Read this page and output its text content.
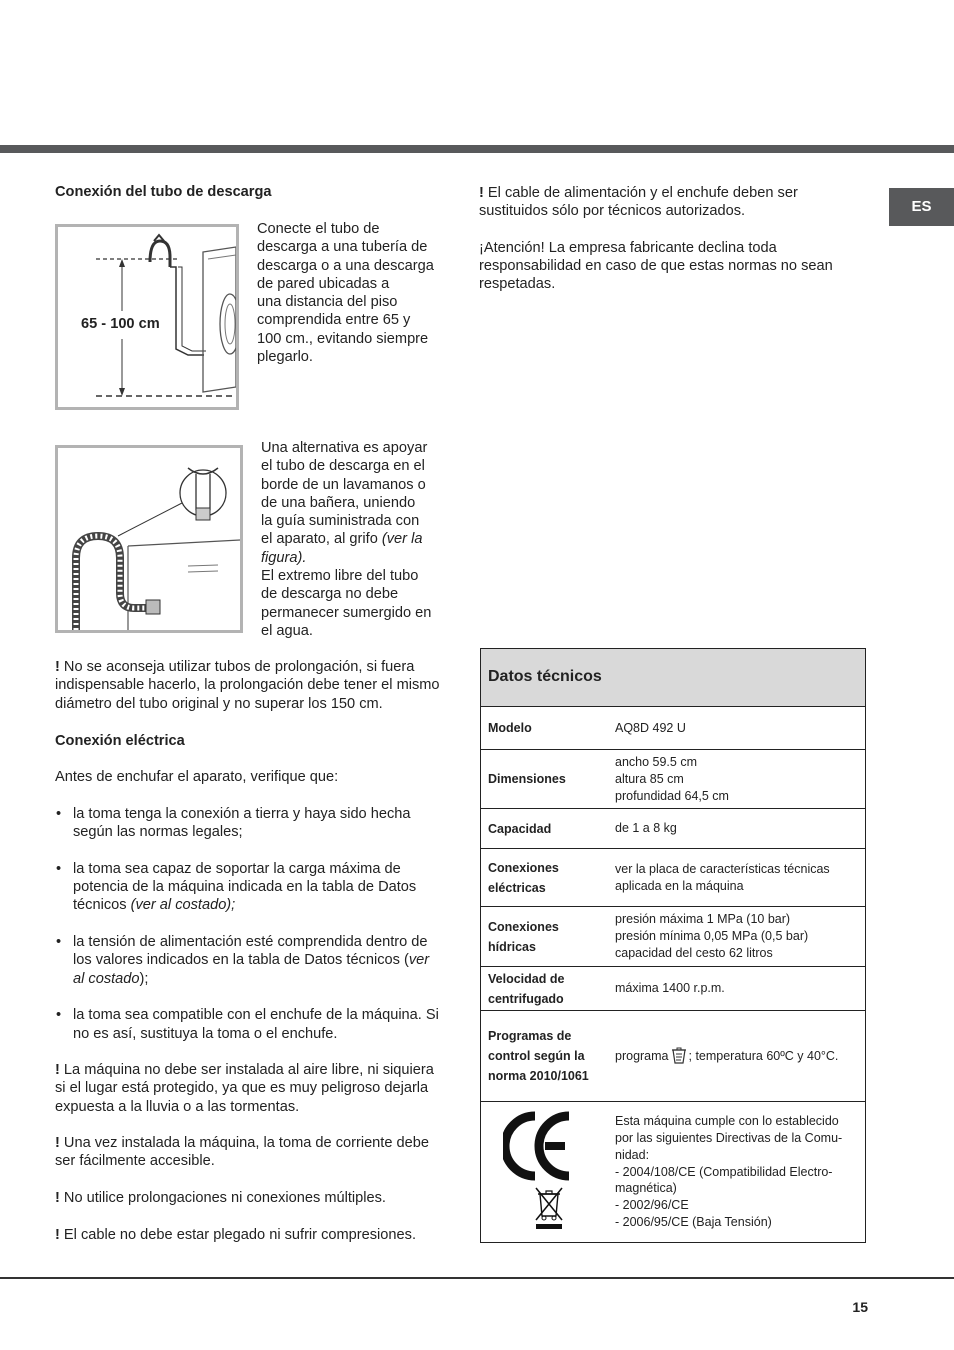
ES
Conexión del tubo de descarga
65 - 100 cm
Conecte el tubo de
descarga a una tubería de
descarga o a una descarga
de pared ubicadas a
una distancia del piso
comprendida entre 65 y
100 cm., evitando siempre
plegarlo.
Una alternativa es apoyar
el tubo de descarga en el
borde de un lavamanos o
de una bañera, uniendo
la guía suministrada con
el aparato, al grifo (ver la
figura).
El extremo libre del tubo
de descarga no debe
permanecer sumergido en
el agua.
! No se aconseja utilizar tubos de prolongación, si fuera
indispensable hacerlo, la prolongación debe tener el mismo
diámetro del tubo original y no superar los 150 cm.
Conexión eléctrica
Antes de enchufar el aparato, verifique que:
• la toma tenga la conexión a tierra y haya sido hecha
según las normas legales;
• la toma sea capaz de soportar la carga máxima de
potencia de la máquina indicada en la tabla de Datos
técnicos (ver al costado);
• la tensión de alimentación esté comprendida dentro de
los valores indicados en la tabla de Datos técnicos (ver
al costado);
• la toma sea compatible con el enchufe de la máquina. Si
no es así, sustituya la toma o el enchufe.
! La máquina no debe ser instalada al aire libre, ni siquiera
si el lugar está protegido, ya que es muy peligroso dejarla
expuesta a la lluvia o a las tormentas.
! Una vez instalada la máquina, la toma de corriente debe
ser fácilmente accesible.
! No utilice prolongaciones ni conexiones múltiples.
! El cable no debe estar plegado ni sufrir compresiones.
! El cable de alimentación y el enchufe deben ser
sustituidos sólo por técnicos autorizados.
¡Atención! La empresa fabricante declina toda
responsabilidad en caso de que estas normas no sean
respetadas.
Datos técnicos
Modelo	AQ8D 492 U
Dimensiones
ancho 59.5 cm
altura 85 cm
profundidad 64,5 cm
Capacidad	de 1 a 8 kg
Conexiones
eléctricas
ver la placa de características técnicas
aplicada en la máquina
Conexiones
hídricas
presión máxima 1 MPa (10 bar)
presión mínima 0,05 MPa (0,5 bar)
capacidad del cesto 62 litros
Velocidad de
centrifugado
máxima 1400 r.p.m.
Programas de
control según la
norma 2010/1061
programa ; temperatura 60ºC y 40°C.
Esta máquina cumple con lo establecido
por las siguientes Directivas de la Comu-
nidad:
- 2004/108/CE (Compatibilidad Electro-
magnética)
- 2002/96/CE
- 2006/95/CE (Baja Tensión)
15
